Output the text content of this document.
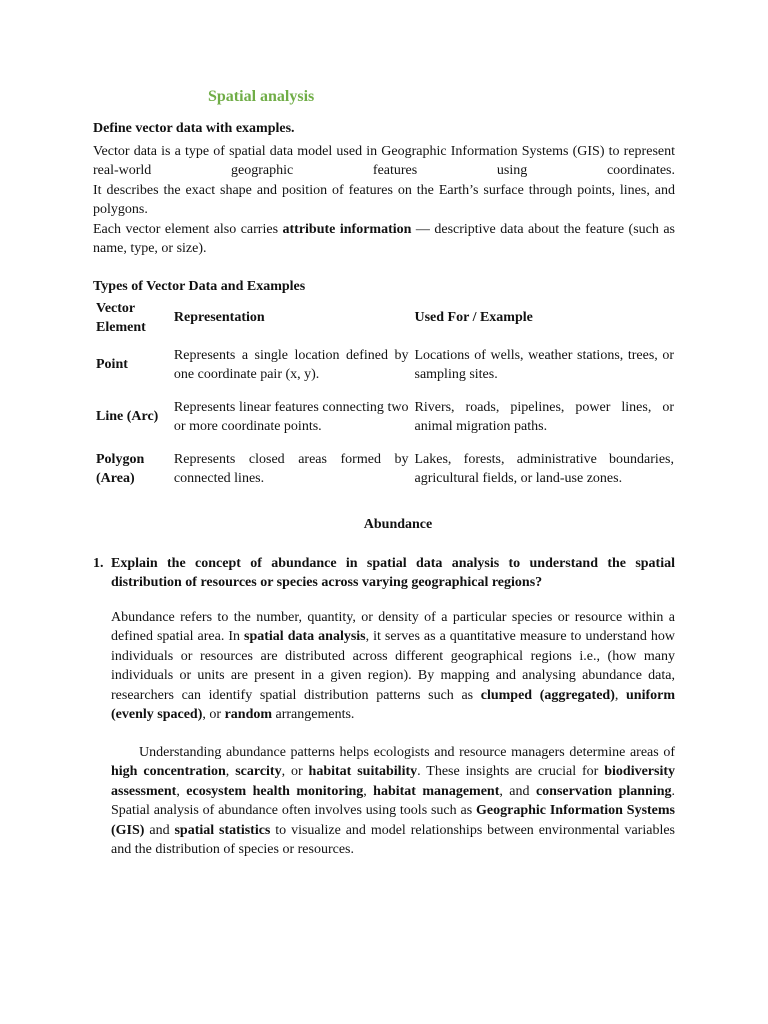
Spatial analysis

Define vector data with examples.

Vector data is a type of spatial data model used in Geographic Information Systems (GIS) to represent real-world geographic features using coordinates.

It describes the exact shape and position of features on the Earth’s surface through points, lines, and polygons.

Each vector element also carries attribute information — descriptive data about the feature (such as name, type, or size).

Types of Vector Data and Examples

Vector Element	Representation	Used For / Example
Point	Represents a single location defined by one coordinate pair (x, y).	Locations of wells, weather stations, trees, or sampling sites.
Line (Arc)	Represents linear features connecting two or more coordinate points.	Rivers, roads, pipelines, power lines, or animal migration paths.
Polygon (Area)	Represents closed areas formed by connected lines.	Lakes, forests, administrative boundaries, agricultural fields, or land-use zones.

Abundance

1. Explain the concept of abundance in spatial data analysis to understand the spatial distribution of resources or species across varying geographical regions?

Abundance refers to the number, quantity, or density of a particular species or resource within a defined spatial area. In spatial data analysis, it serves as a quantitative measure to understand how individuals or resources are distributed across different geographical regions i.e., (how many individuals or units are present in a given region). By mapping and analysing abundance data, researchers can identify spatial distribution patterns such as clumped (aggregated), uniform (evenly spaced), or random arrangements.

Understanding abundance patterns helps ecologists and resource managers determine areas of high concentration, scarcity, or habitat suitability. These insights are crucial for biodiversity assessment, ecosystem health monitoring, habitat management, and conservation planning. Spatial analysis of abundance often involves using tools such as Geographic Information Systems (GIS) and spatial statistics to visualize and model relationships between environmental variables and the distribution of species or resources.
